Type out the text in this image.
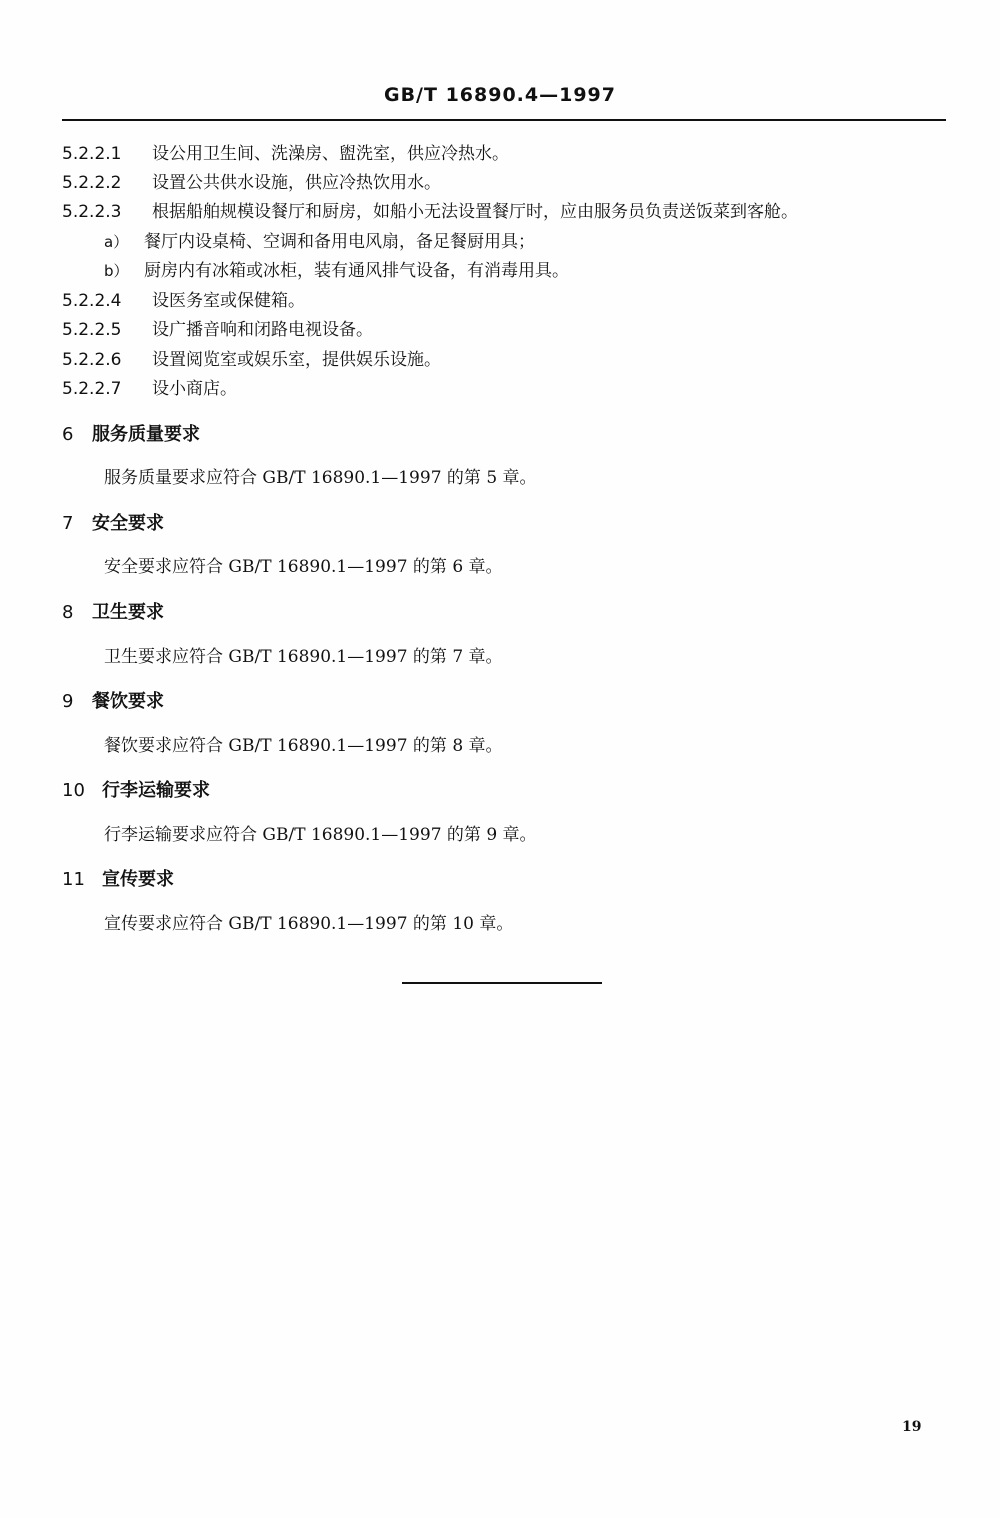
GB/T 16890.4—1997
5.2.2.1 设公用卫生间、洗澡房、盥洗室，供应冷热水。
5.2.2.2 设置公共供水设施，供应冷热饮用水。
5.2.2.3 根据船舶规模设餐厅和厨房，如船小无法设置餐厅时，应由服务员负责送饭菜到客舱。
a） 餐厅内设桌椅、空调和备用电风扇，备足餐厨用具；
b） 厨房内有冰箱或冰柜，装有通风排气设备，有消毒用具。
5.2.2.4 设医务室或保健箱。
5.2.2.5 设广播音响和闭路电视设备。
5.2.2.6 设置阅览室或娱乐室，提供娱乐设施。
5.2.2.7 设小商店。
6 服务质量要求
服务质量要求应符合 GB/T 16890.1—1997 的第 5 章。
7 安全要求
安全要求应符合 GB/T 16890.1—1997 的第 6 章。
8 卫生要求
卫生要求应符合 GB/T 16890.1—1997 的第 7 章。
9 餐饮要求
餐饮要求应符合 GB/T 16890.1—1997 的第 8 章。
10 行李运输要求
行李运输要求应符合 GB/T 16890.1—1997 的第 9 章。
11 宣传要求
宣传要求应符合 GB/T 16890.1—1997 的第 10 章。
19
